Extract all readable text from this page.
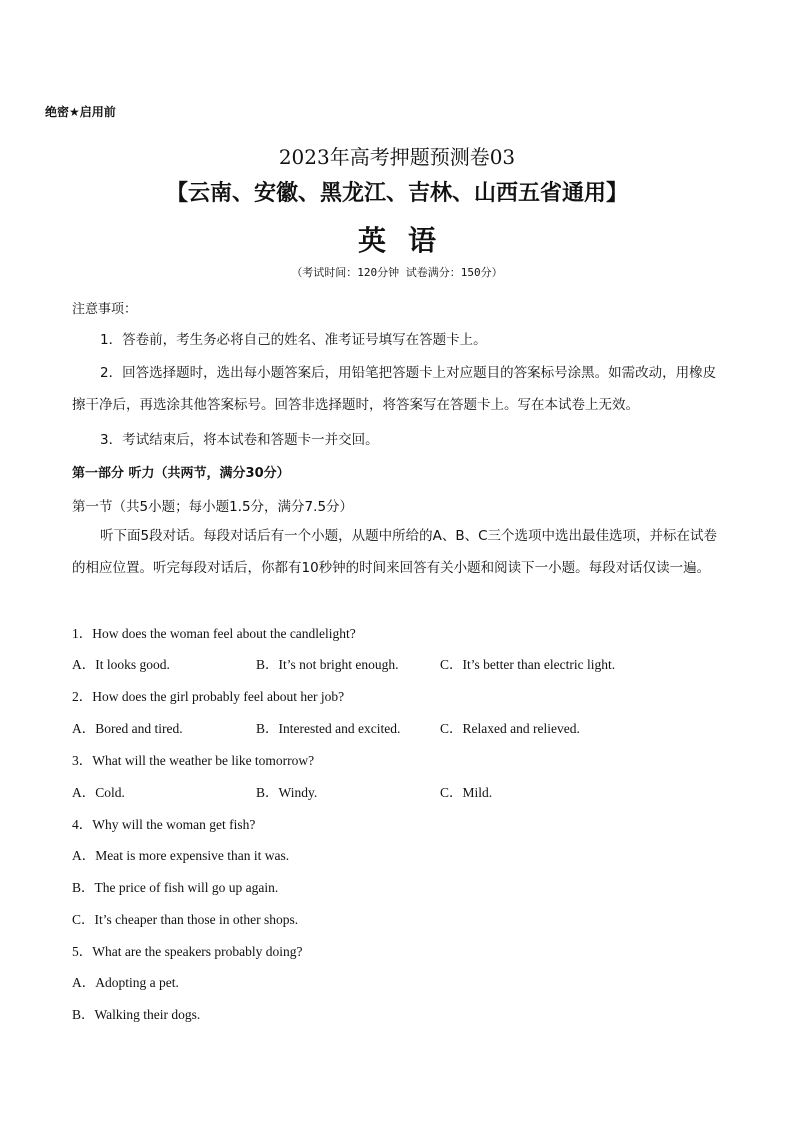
绝密★启用前
2023年高考押题预测卷03
【云南、安徽、黑龙江、吉林、山西五省通用】
英语
（考试时间：120分钟 试卷满分：150分）
注意事项：
1．答卷前，考生务必将自己的姓名、准考证号填写在答题卡上。
2．回答选择题时，选出每小题答案后，用铅笔把答题卡上对应题目的答案标号涂黑。如需改动，用橡皮擦干净后，再选涂其他答案标号。回答非选择题时，将答案写在答题卡上。写在本试卷上无效。
3．考试结束后，将本试卷和答题卡一并交回。
第一部分 听力（共两节，满分30分）
第一节（共5小题；每小题1.5分，满分7.5分）
听下面5段对话。每段对话后有一个小题，从题中所给的A、B、C三个选项中选出最佳选项，并标在试卷的相应位置。听完每段对话后，你都有10秒钟的时间来回答有关小题和阅读下一小题。每段对话仅读一遍。
1．How does the woman feel about the candlelight?
A．It looks good.	B．It’s not bright enough.	C．It’s better than electric light.
2．How does the girl probably feel about her job?
A．Bored and tired.	B．Interested and excited.	C．Relaxed and relieved.
3．What will the weather be like tomorrow?
A．Cold.	B．Windy.	C．Mild.
4．Why will the woman get fish?
A．Meat is more expensive than it was.
B．The price of fish will go up again.
C．It’s cheaper than those in other shops.
5．What are the speakers probably doing?
A．Adopting a pet.
B．Walking their dogs.
